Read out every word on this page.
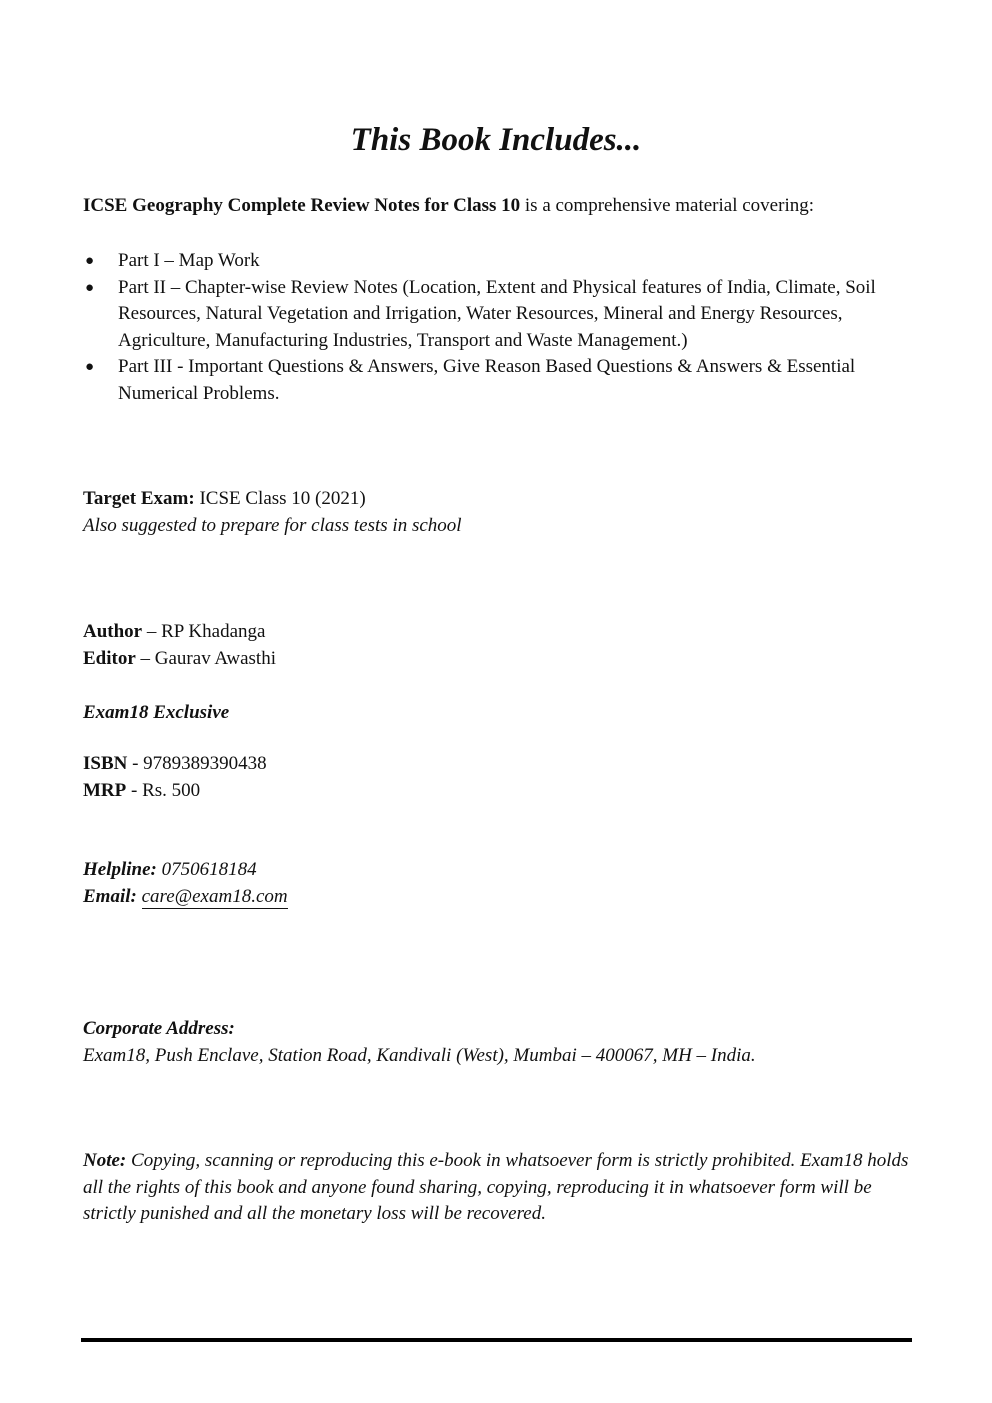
This Book Includes...
ICSE Geography Complete Review Notes for Class 10 is a comprehensive material covering:
● Part I – Map Work
● Part II – Chapter-wise Review Notes (Location, Extent and Physical features of India, Climate, Soil Resources, Natural Vegetation and Irrigation, Water Resources, Mineral and Energy Resources, Agriculture, Manufacturing Industries, Transport and Waste Management.)
● Part III - Important Questions & Answers, Give Reason Based Questions & Answers & Essential Numerical Problems.
Target Exam: ICSE Class 10 (2021)
Also suggested to prepare for class tests in school
Author – RP Khadanga
Editor – Gaurav Awasthi
Exam18 Exclusive
ISBN - 9789389390438
MRP - Rs. 500
Helpline: 0750618184
Email: care@exam18.com
Corporate Address:
Exam18, Push Enclave, Station Road, Kandivali (West), Mumbai – 400067, MH – India.
Note: Copying, scanning or reproducing this e-book in whatsoever form is strictly prohibited. Exam18 holds all the rights of this book and anyone found sharing, copying, reproducing it in whatsoever form will be strictly punished and all the monetary loss will be recovered.
